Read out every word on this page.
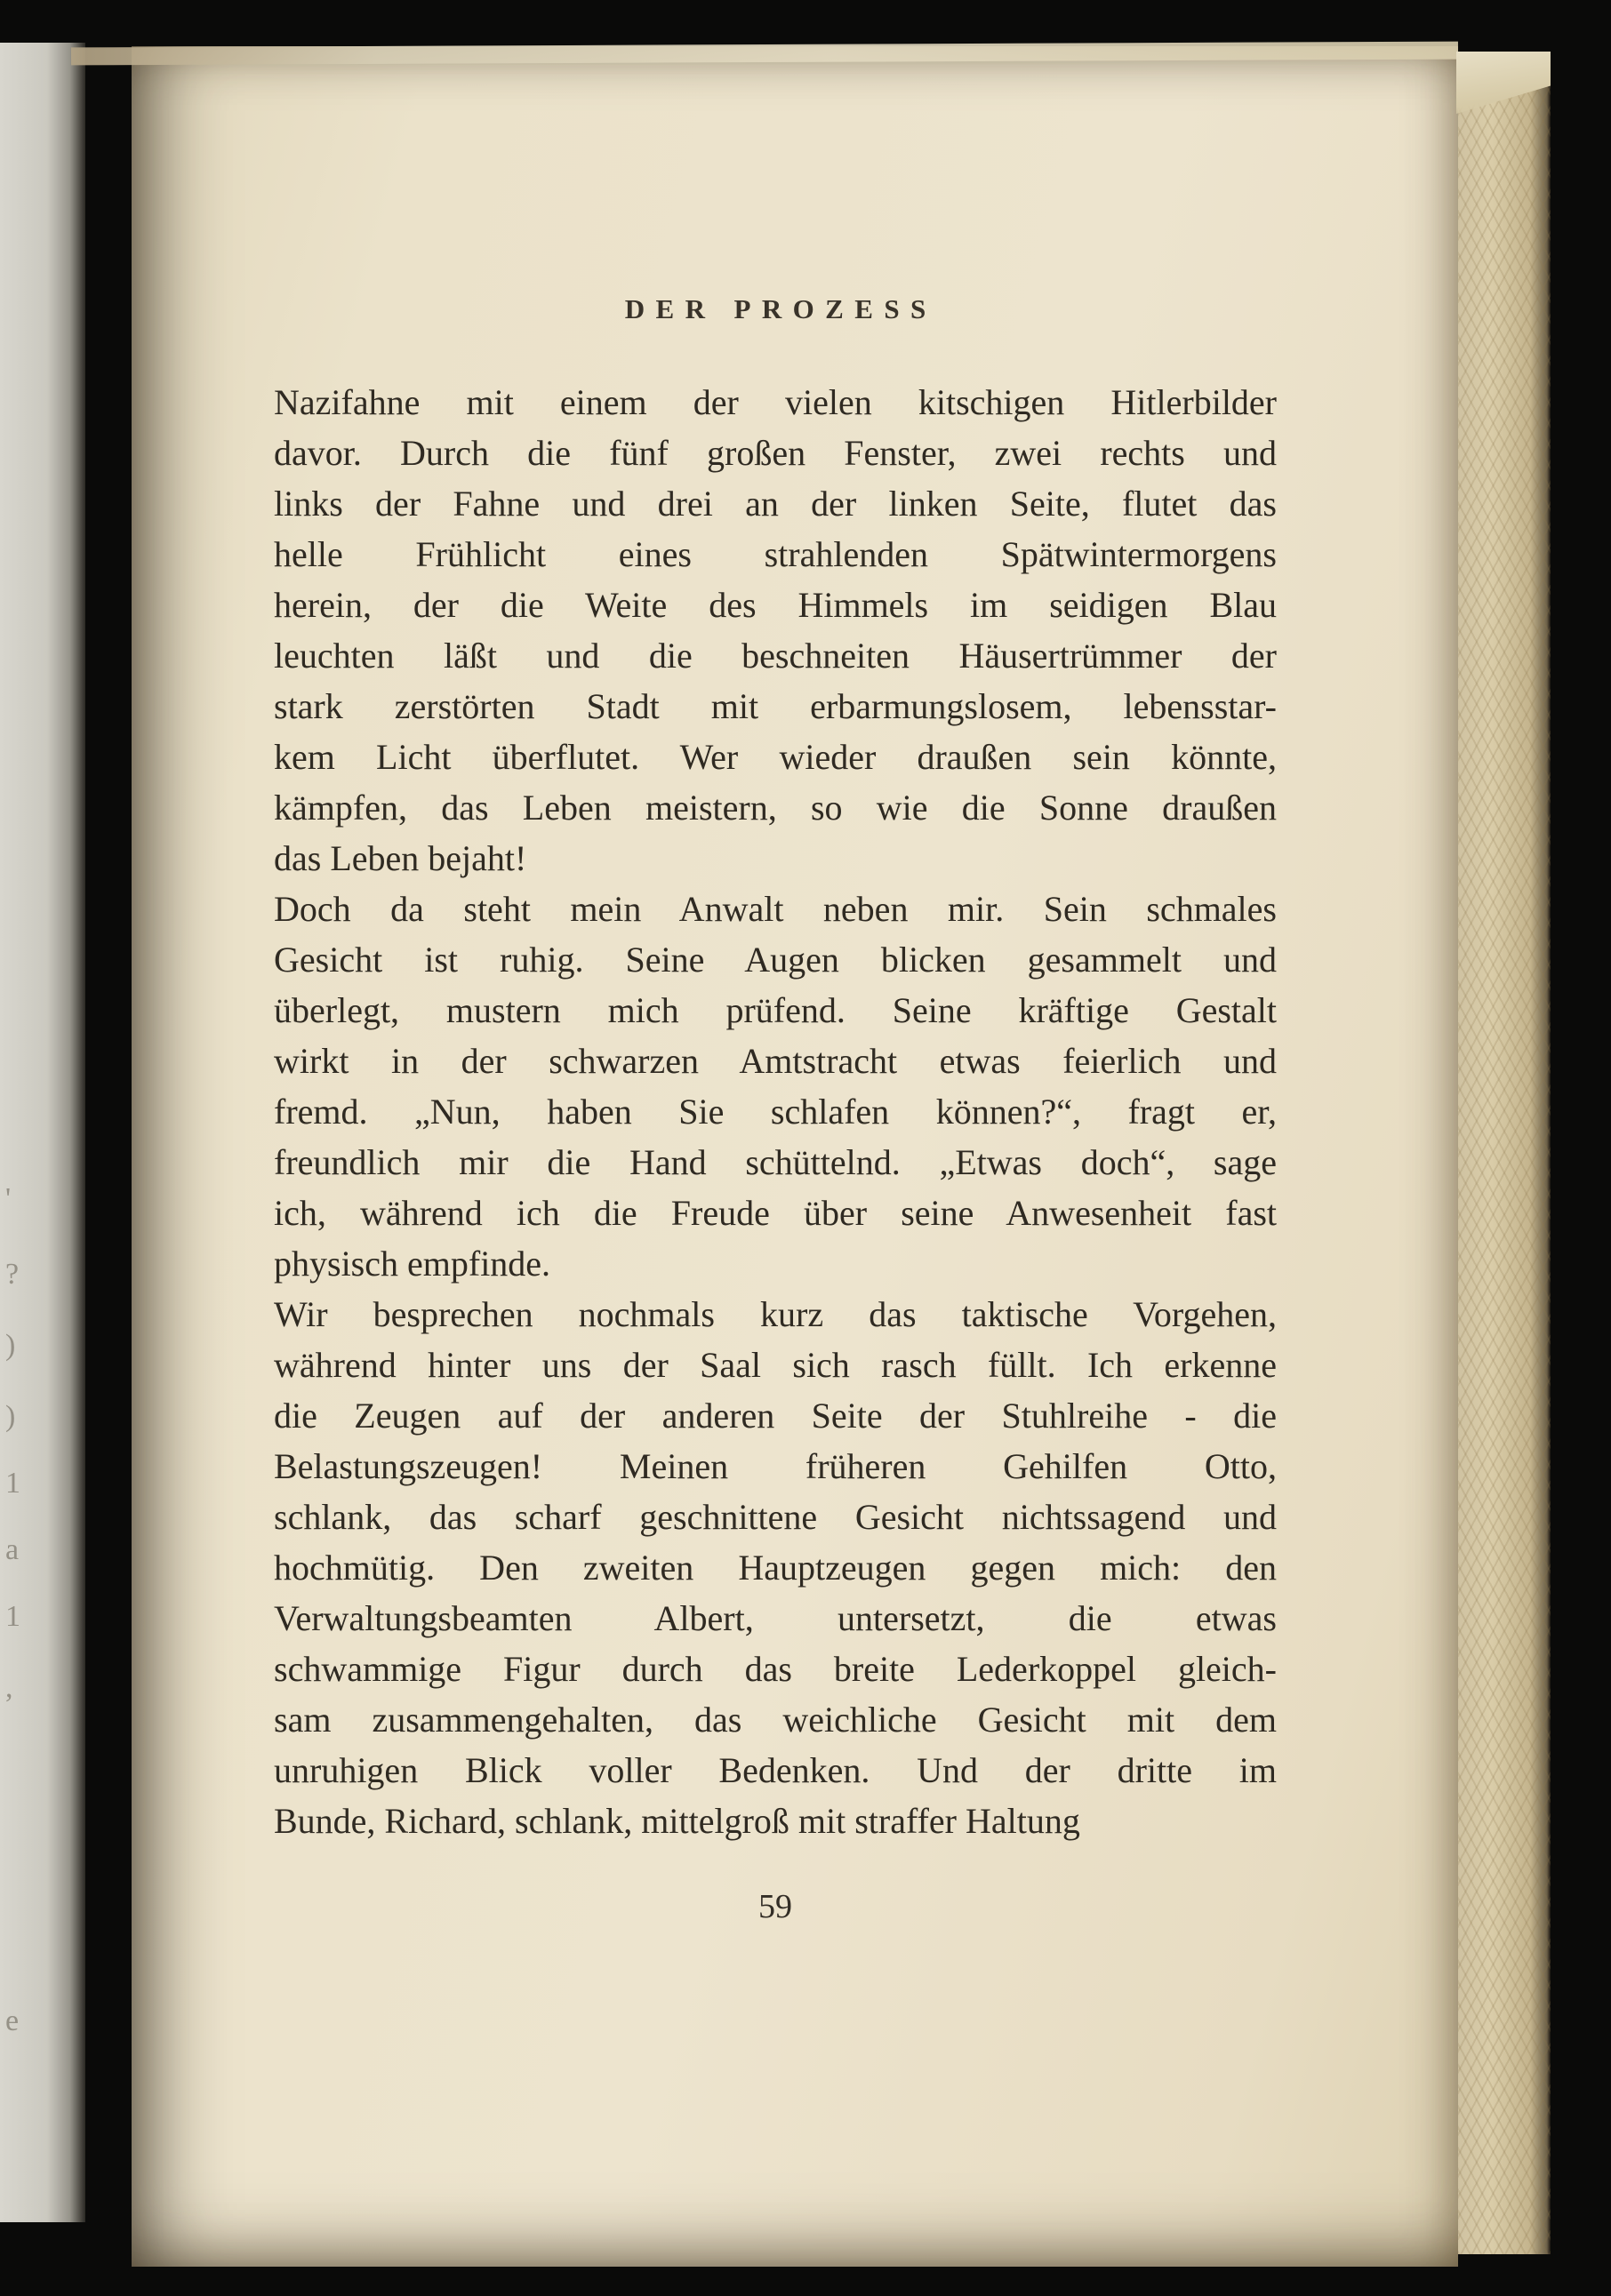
'
?
)
)
1
a
1
,
e
DER PROZESS
Nazifahne mit einem der vielen kitschigen Hitlerbilder
davor. Durch die fünf großen Fenster, zwei rechts und
links der Fahne und drei an der linken Seite, flutet das
helle Frühlicht eines strahlenden Spätwintermorgens
herein, der die Weite des Himmels im seidigen Blau
leuchten läßt und die beschneiten Häusertrümmer der
stark zerstörten Stadt mit erbarmungslosem, lebensstar-
kem Licht überflutet. Wer wieder draußen sein könnte,
kämpfen, das Leben meistern, so wie die Sonne draußen
das Leben bejaht!
Doch da steht mein Anwalt neben mir. Sein schmales
Gesicht ist ruhig. Seine Augen blicken gesammelt und
überlegt, mustern mich prüfend. Seine kräftige Gestalt
wirkt in der schwarzen Amtstracht etwas feierlich und
fremd. „Nun, haben Sie schlafen können?“, fragt er,
freundlich mir die Hand schüttelnd. „Etwas doch“, sage
ich, während ich die Freude über seine Anwesenheit fast
physisch empfinde.
Wir besprechen nochmals kurz das taktische Vorgehen,
während hinter uns der Saal sich rasch füllt. Ich erkenne
die Zeugen auf der anderen Seite der Stuhlreihe - die
Belastungszeugen! Meinen früheren Gehilfen Otto,
schlank, das scharf geschnittene Gesicht nichtssagend und
hochmütig. Den zweiten Hauptzeugen gegen mich: den
Verwaltungsbeamten Albert, untersetzt, die etwas
schwammige Figur durch das breite Lederkoppel gleich-
sam zusammengehalten, das weichliche Gesicht mit dem
unruhigen Blick voller Bedenken. Und der dritte im
Bunde, Richard, schlank, mittelgroß mit straffer Haltung
59
